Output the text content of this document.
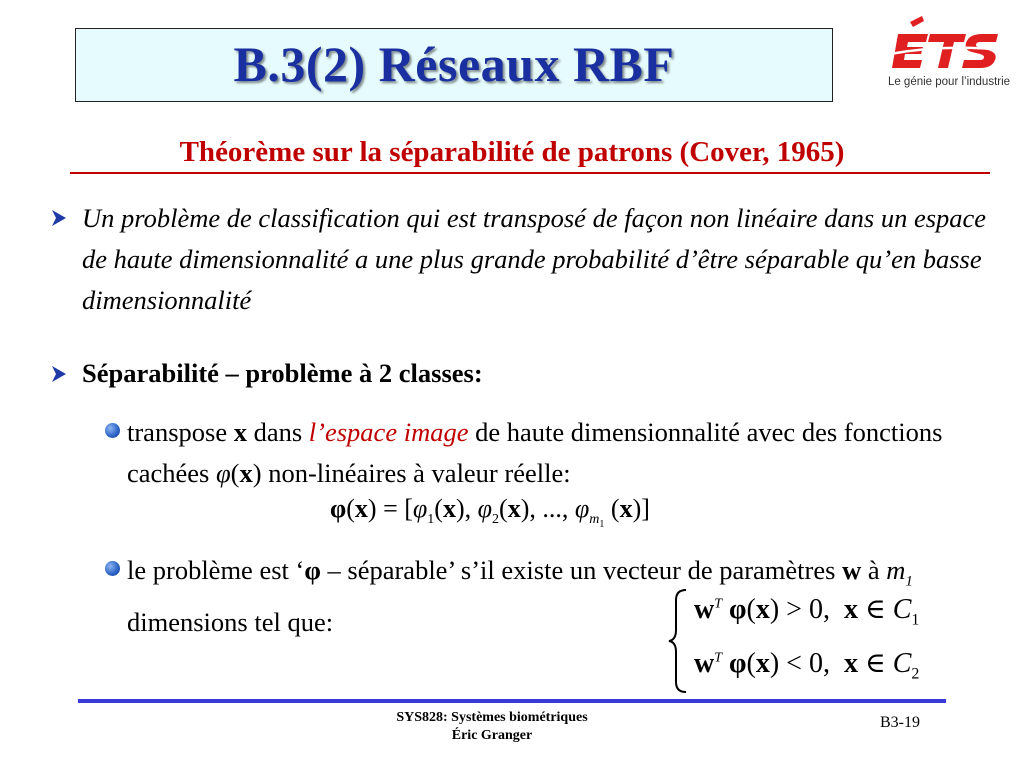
B.3(2) Réseaux RBF	Le génie pour l’industrie
Théorème sur la séparabilité de patrons (Cover, 1965)
Un problème de classification qui est transposé de façon non linéaire dans un espace de haute dimensionnalité a une plus grande probabilité d’être séparable qu’en basse dimensionnalité
Séparabilité – problème à 2 classes:
transpose x dans l’espace image de haute dimensionnalité avec des fonctions cachées φ(x) non-linéaires à valeur réelle:
$\varphi(x) = [\varphi_1(x)$, $\varphi_2(x)$, ..., $\varphi_{m_1}$ (x)]
le problème est ‘φ – séparable’ s’il existe un vecteur de paramètres w à $m_1$ dimensions tel que:	$w^T$ φ(x) > 0, x ∈ $C_1$
$w^T$ φ(x) < 0, x ∈ $C_2$
SYS828: Systèmes biométriques
Éric Granger
B3-19
